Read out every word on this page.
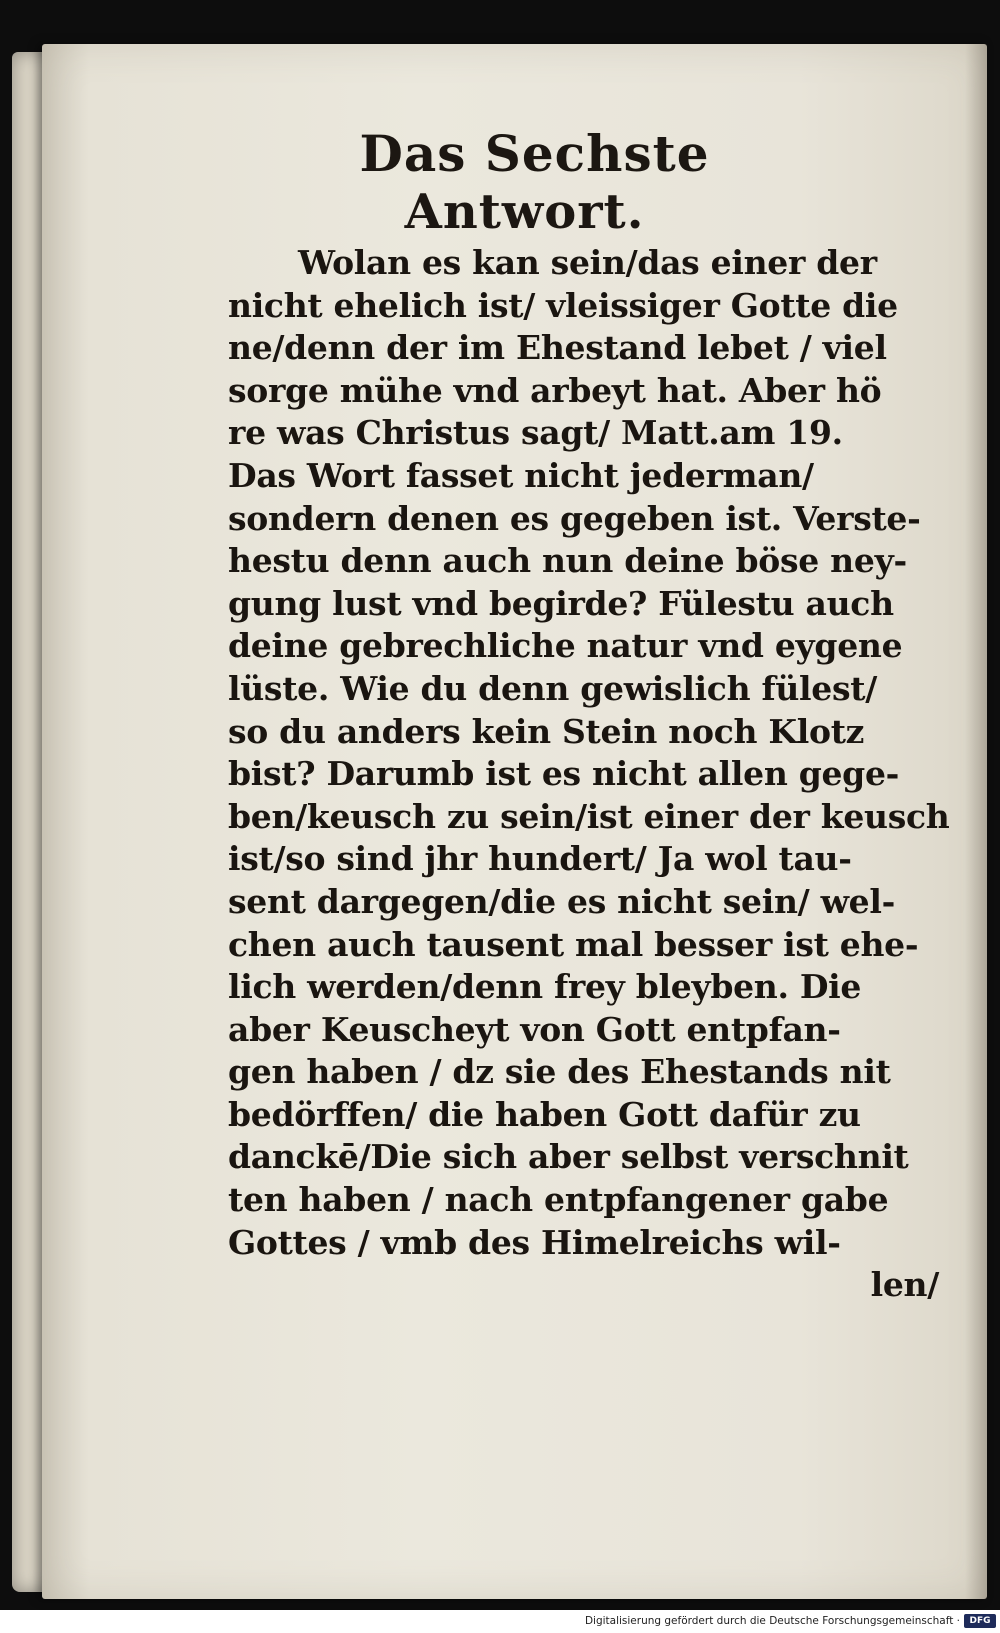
Das Sechste
Antwort.
Wolan es kan sein/das einer der
nicht ehelich ist/ vleissiger Gotte die
ne/denn der im Ehestand lebet / viel
sorge mühe vnd arbeyt hat. Aber hö
re was Christus sagt/ Matt.am 19.
Das Wort fasset nicht jederman/
sondern denen es gegeben ist. Verste-
hestu denn auch nun deine böse ney-
gung lust vnd begirde? Fülestu auch
deine gebrechliche natur vnd eygene
lüste. Wie du denn gewislich fülest/
so du anders kein Stein noch Klotz
bist? Darumb ist es nicht allen gege-
ben/keusch zu sein/ist einer der keusch
ist/so sind jhr hundert/ Ja wol tau-
sent dargegen/die es nicht sein/ wel-
chen auch tausent mal besser ist ehe-
lich werden/denn frey bleyben. Die
aber Keuscheyt von Gott entpfan-
gen haben / dz sie des Ehestands nit
bedörffen/ die haben Gott dafür zu
danckē/Die sich aber selbst verschnit
ten haben / nach entpfangener gabe
Gottes / vmb des Himelreichs wil-
len/
Digitalisierung gefördert durch die Deutsche Forschungsgemeinschaft ·	DFG
